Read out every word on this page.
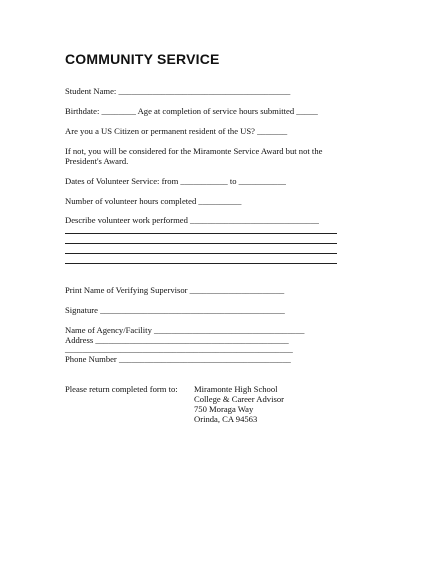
COMMUNITY SERVICE
Student Name: ________________________________________
Birthdate: ________ Age at completion of service hours submitted _____
Are you a US Citizen or permanent resident of the US? _______
If not, you will be considered for the Miramonte Service Award but not the
President's Award.
Dates of Volunteer Service: from ___________ to ___________
Number of volunteer hours completed __________
Describe volunteer work performed ______________________________
Print Name of Verifying Supervisor ______________________
Signature ___________________________________________
Name of Agency/Facility ___________________________________
Address _____________________________________________
_____________________________________________________
Phone Number ________________________________________
Please return completed form to: Miramonte High School
College & Career Advisor
750 Moraga Way
Orinda, CA 94563
